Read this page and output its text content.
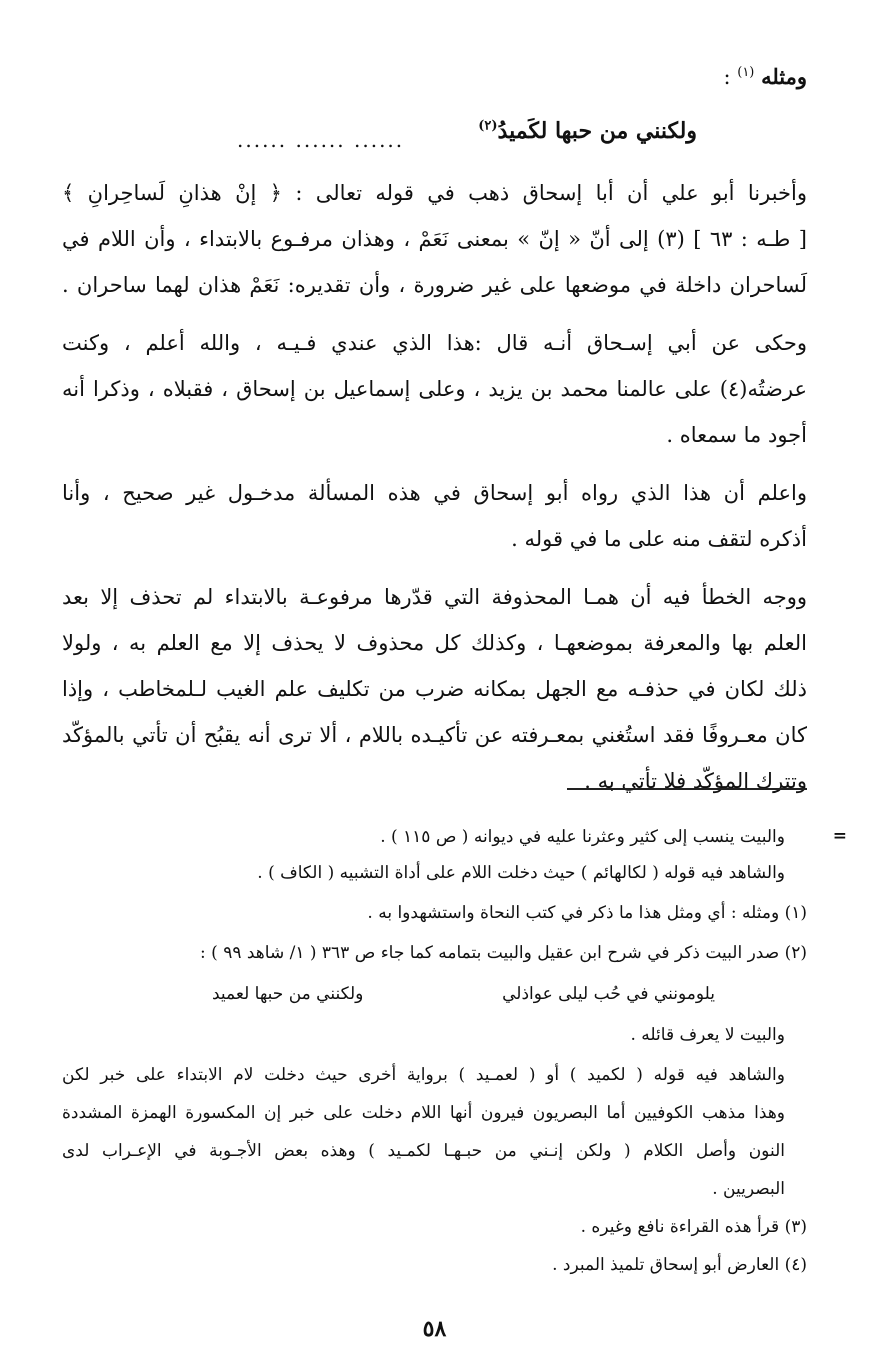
ومثله $^{(١)}$ :
ولكنني من حبها لكَميدُ$^{(٢)}$
...... ...... ......
وأخبرنا أبو علي أن أبا إسحاق ذهب في قوله تعالى : ﴿ إنْ هذانِ لَساحِرانِ ﴾
[ طـه : ٦٣ ] (٣) إلى أنّ « إنّ » بمعنى نَعَمْ ، وهذان مرفـوع بالابتداء ، وأن اللام في
لَساحران داخلة في موضعها على غير ضرورة ، وأن تقديره: نَعَمْ هذان لهما ساحران .
وحكى عن أبي إسـحاق أنـه قال :هذا الذي عندي فـيـه ، والله أعلم ، وكنت
عرضتُه(٤) على عالمنا محمد بن يزيد ، وعلى إسماعيل بن إسحاق ، فقبلاه ، وذكرا أنه
أجود ما سمعاه .
واعلم أن هذا الذي رواه أبو إسحاق في هذه المسألة مدخـول غير صحيح ، وأنا
أذكره لتقف منه على ما في قوله .
ووجه الخطأ فيه أن همـا المحذوفة التي قدّرها مرفوعـة بالابتداء لم تحذف إلا بعد
العلم بها والمعرفة بموضعهـا ، وكذلك كل محذوف لا يحذف إلا مع العلم به ، ولولا
ذلك لكان في حذفـه مع الجهل بمكانه ضرب من تكليف علم الغيب لـلمخاطب ، وإذا
كان معـروفًا فقد استُغني بمعـرفته عن تأكيـده باللام ، ألا ترى أنه يقبُح أن تأتي بالمؤكّد
وتترك المؤكّد فلا تأتي به .
=
والبيت ينسب إلى كثير وعثرنا عليه في ديوانه ( ص ١١٥ ) .
والشاهد فيه قوله ( لكالهائم ) حيث دخلت اللام على أداة التشبيه ( الكاف ) .
(١) ومثله : أي ومثل هذا ما ذكر في كتب النحاة واستشهدوا به .
(٢) صدر البيت ذكر في شرح ابن عقيل والبيت بتمامه كما جاء ص ٣٦٣ ( ١/ شاهد ٩٩ ) :
يلومونني في حُب ليلى عواذلي
ولكنني من حبها لعميد
والبيت لا يعرف قائله .
والشاهد فيه قوله ( لكميد ) أو ( لعمـيد ) برواية أخرى حيث دخلت لام الابتداء على خبر لكن
وهذا مذهب الكوفيين أما البصريون فيرون أنها اللام دخلت على خبر إن المكسورة الهمزة المشددة
النون وأصل الكلام ( ولكن إنـني من حبـهـا لكمـيد ) وهذه بعض الأجـوبة في الإعـراب لدى
البصريين .
(٣) قرأ هذه القراءة نافع وغيره .
(٤) العارض أبو إسحاق تلميذ المبرد .
٥٨
